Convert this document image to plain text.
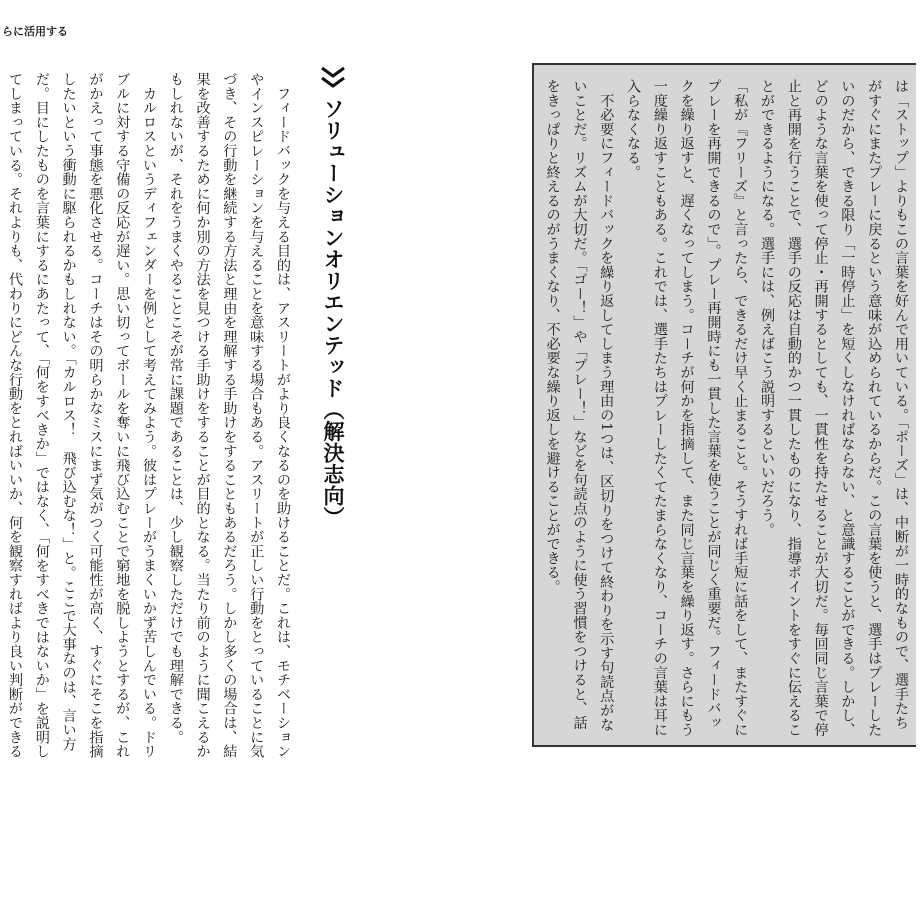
らに活用する
　フィードバックを与える目的は、アスリートがより良くなるのを助けることだ。これは、モチベーション
やインスピレーションを与えることを意味する場合もある。アスリートが正しい行動をとっていることに気
づき、その行動を継続する方法と理由を理解する手助けをすることもあるだろう。しかし多くの場合は、結
果を改善するために何か別の方法を見つける手助けをすることが目的となる。当たり前のように聞こえるか
もしれないが、それをうまくやることこそが常に課題であることは、少し観察しただけでも理解できる。
　カルロスというディフェンダーを例として考えてみよう。彼はプレーがうまくいかず苦しんでいる。ドリ
ブルに対する守備の反応が遅い。思い切ってボールを奪いに飛び込むことで窮地を脱しようとするが、これ
がかえって事態を悪化させる。コーチはその明らかなミスにまず気がつく可能性が高く、すぐにそこを指摘
したいという衝動に駆られるかもしれない。「カルロス！　飛び込むな！」と。ここで大事なのは、言い方
だ。目にしたものを言葉にするにあたって、「何をすべきか」ではなく、「何をすべきではないか」を説明し
てしまっている。それよりも、代わりにどんな行動をとればいいか、何を観察すればより良い判断ができる	ソリューションオリエンテッド
（解決志向）	は「ストップ」よりもこの言葉を好んで用いている。「ポーズ」は、中断が一時的なもので、選手たち
がすぐにまたプレーに戻るという意味が込められているからだ。この言葉を使うと、選手はプレーした
いのだから、できる限り「一時停止」を短くしなければならない、と意識することができる。しかし、
どのような言葉を使って停止・再開するとしても、一貫性を持たせることが大切だ。毎回同じ言葉で停
止と再開を行うことで、選手の反応は自動的かつ一貫したものになり、指導ポイントをすぐに伝えるこ
とができるようになる。選手には、例えばこう説明するといいだろう。
「私が『フリーズ』と言ったら、できるだけ早く止まること。そうすれば手短に話をして、またすぐに
プレーを再開できるので」。プレー再開時にも一貫した言葉を使うことが同じく重要だ。フィードバッ
クを繰り返すと、遅くなってしまう。コーチが何かを指摘して、また同じ言葉を繰り返す。さらにもう
一度繰り返すこともある。これでは、選手たちはプレーしたくてたまらなくなり、コーチの言葉は耳に
入らなくなる。
　不必要にフィードバックを繰り返してしまう理由の1つは、区切りをつけて終わりを示す句読点がな
いことだ。リズムが大切だ。「ゴー！」や「プレー！」などを句読点のように使う習慣をつけると、話
をきっぱりと終えるのがうまくなり、不必要な繰り返しを避けることができる。
